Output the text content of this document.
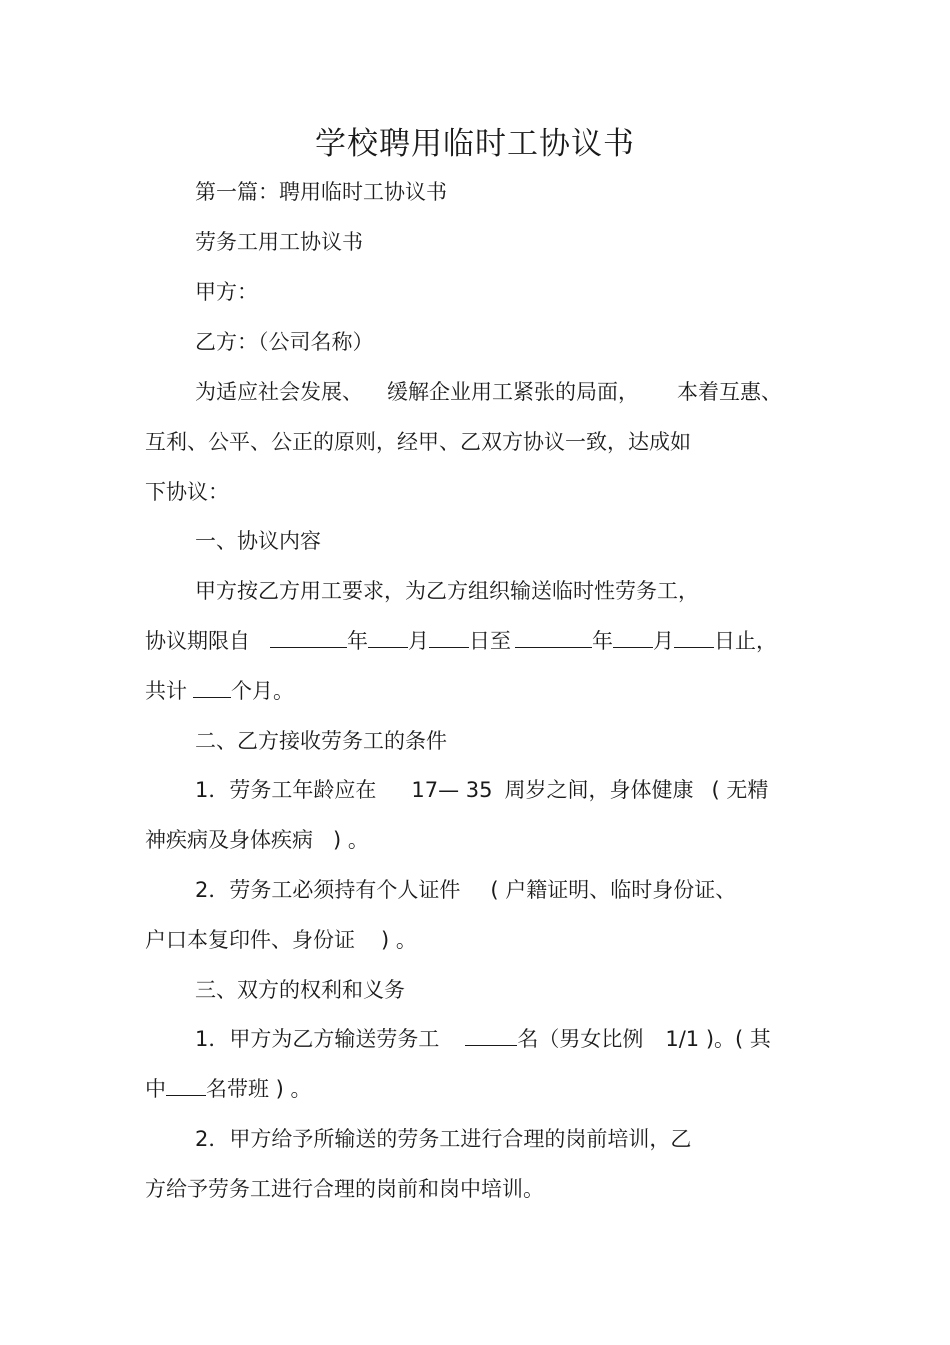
学校聘用临时工协议书
第一篇：聘用临时工协议书
劳务工用工协议书
甲方：
乙方：（公司名称）
为适应社会发展、 缓解企业用工紧张的局面， 本着互惠、
互利、公平、公正的原则，经甲、乙双方协议一致，达成如
下协议：
一、协议内容
甲方按乙方用工要求，为乙方组织输送临时性劳务工，
协议期限自	年 月 日至	年 月 日止，
共计 个月。
二、乙方接收劳务工的条件
1．劳务工年龄应在 17— 35 周岁之间，身体健康 ( 无精
神疾病及身体疾病 ) 。
2．劳务工必须持有个人证件 ( 户籍证明、临时身份证、
户口本复印件、身份证 ) 。
三、双方的权利和义务
1．甲方为乙方输送劳务工	名（男女比例 1/1 )。( 其
中 名带班 ) 。
2．甲方给予所输送的劳务工进行合理的岗前培训，乙
方给予劳务工进行合理的岗前和岗中培训。
